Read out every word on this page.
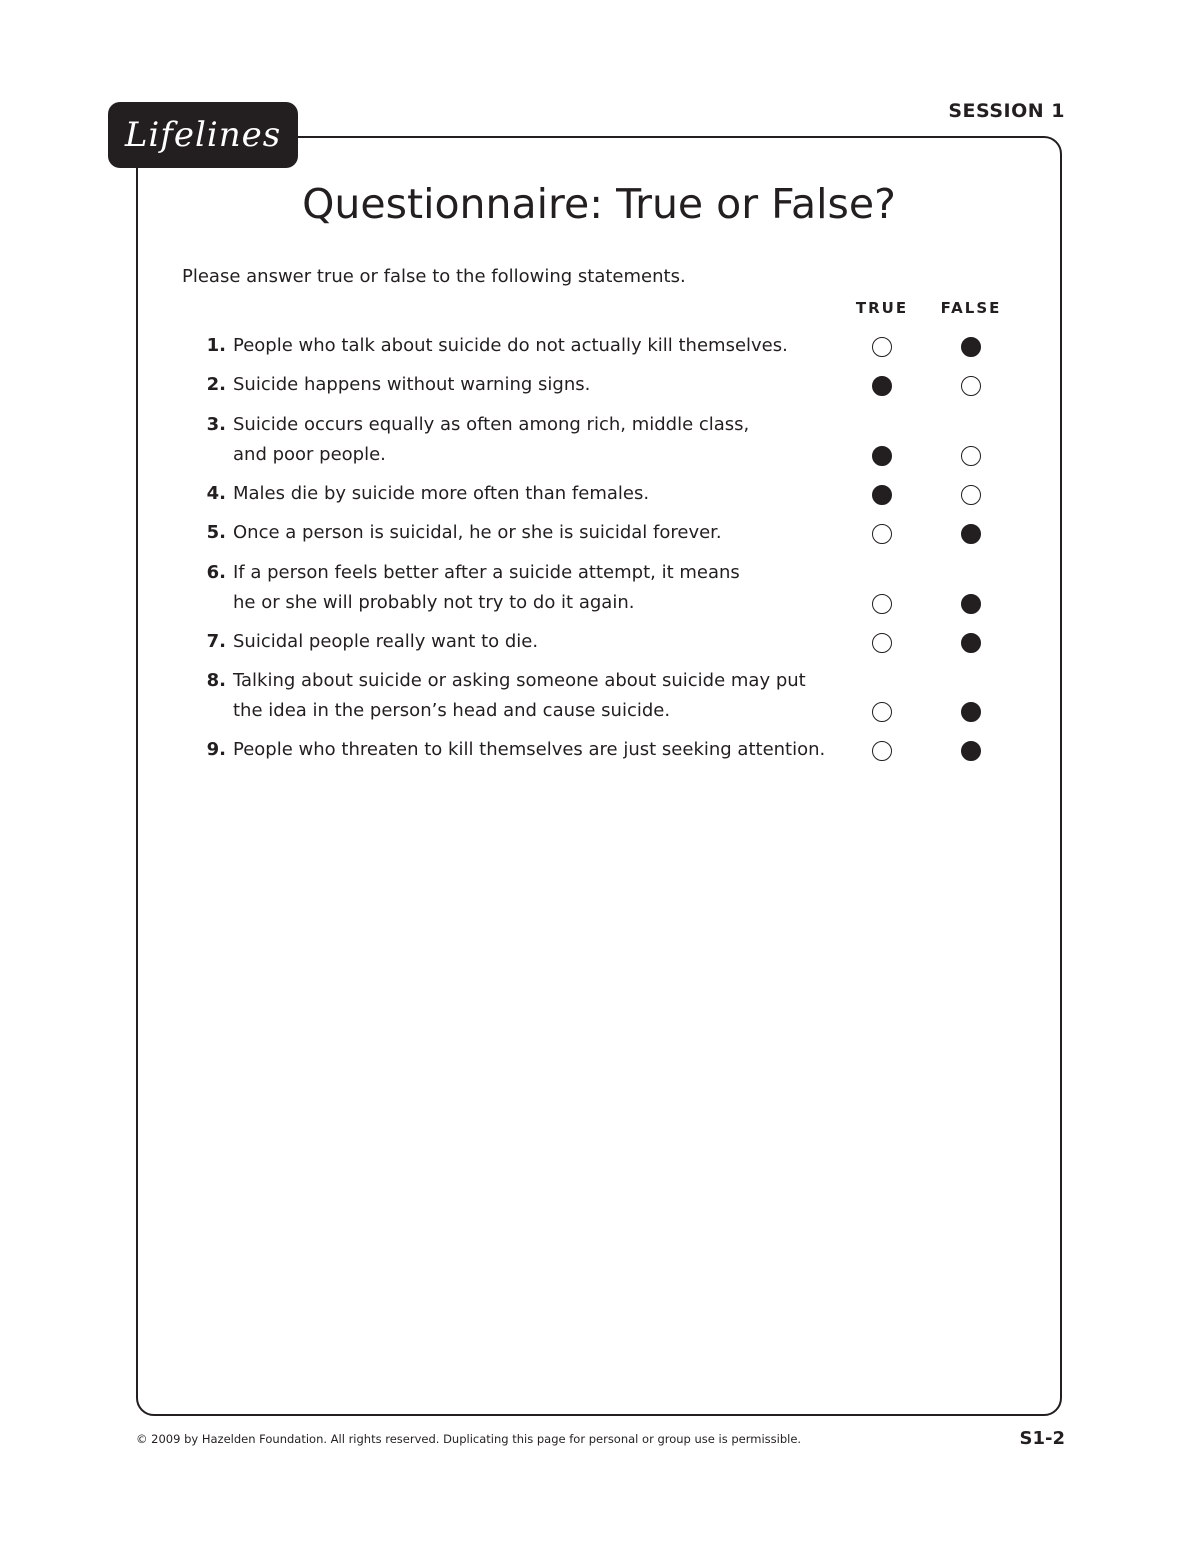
Lifelines
SESSION 1
Questionnaire: True or False?

Please answer true or false to the following statements.

TRUE FALSE
1. People who talk about suicide do not actually kill themselves.
2. Suicide happens without warning signs.
3. Suicide occurs equally as often among rich, middle class,
and poor people.
4. Males die by suicide more often than females.
5. Once a person is suicidal, he or she is suicidal forever.
6. If a person feels better after a suicide attempt, it means
he or she will probably not try to do it again.
7. Suicidal people really want to die.
8. Talking about suicide or asking someone about suicide may put
the idea in the person’s head and cause suicide.
9. People who threaten to kill themselves are just seeking attention.
© 2009 by Hazelden Foundation. All rights reserved. Duplicating this page for personal or group use is permissible.	S1-2
